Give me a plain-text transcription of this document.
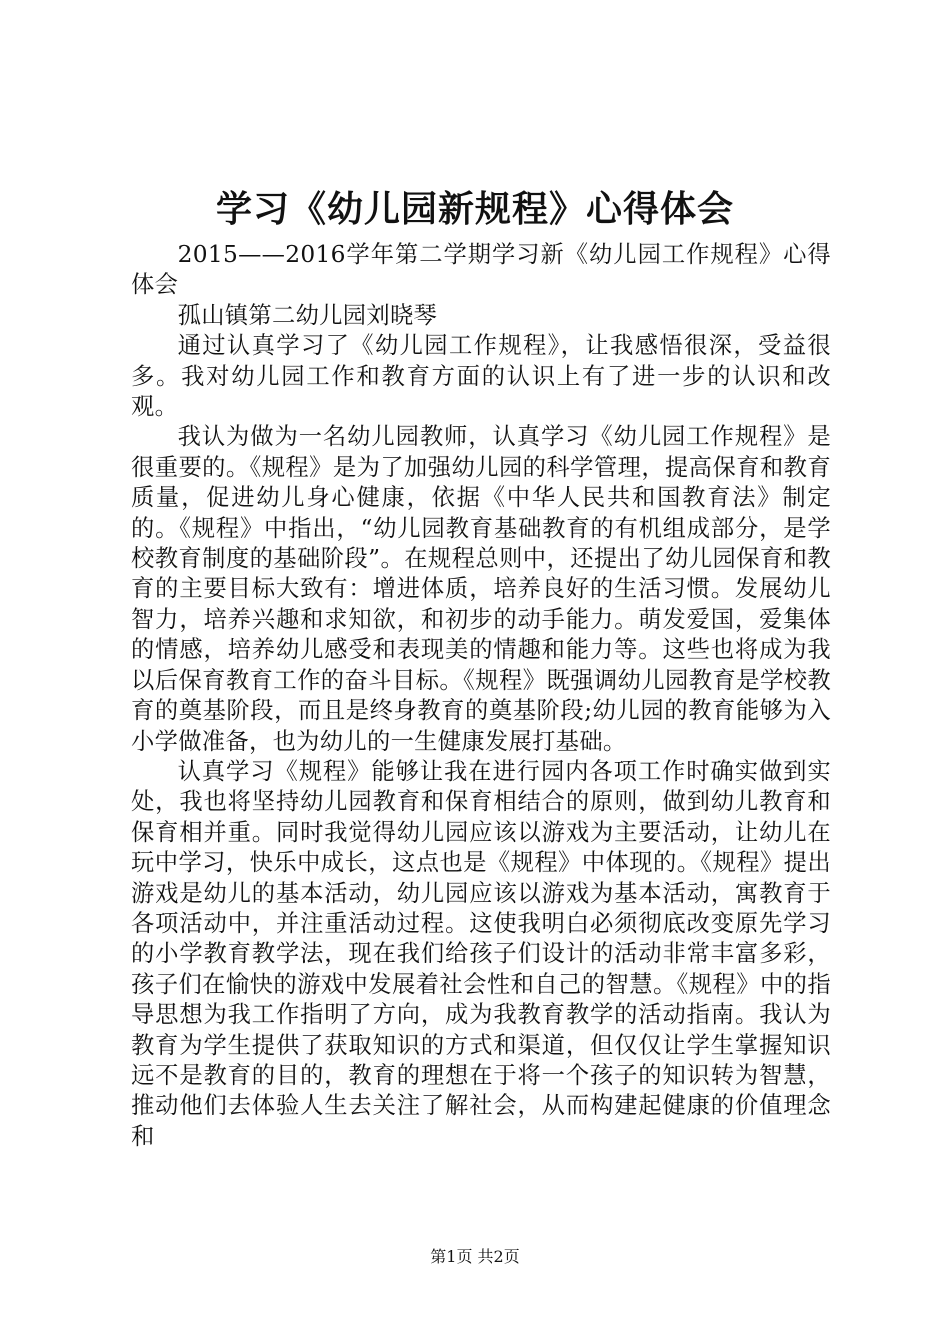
学习《幼儿园新规程》心得体会

2015——2016学年第二学期学习新《幼儿园工作规程》心得体会

孤山镇第二幼儿园刘晓琴

通过认真学习了《幼儿园工作规程》，让我感悟很深，受益很多。我对幼儿园工作和教育方面的认识上有了进一步的认识和改观。

我认为做为一名幼儿园教师，认真学习《幼儿园工作规程》是很重要的。《规程》是为了加强幼儿园的科学管理，提高保育和教育质量，促进幼儿身心健康，依据《中华人民共和国教育法》制定的。《规程》中指出，“幼儿园教育基础教育的有机组成部分，是学校教育制度的基础阶段”。在规程总则中，还提出了幼儿园保育和教育的主要目标大致有：增进体质，培养良好的生活习惯。发展幼儿智力，培养兴趣和求知欲，和初步的动手能力。萌发爱国，爱集体的情感，培养幼儿感受和表现美的情趣和能力等。这些也将成为我以后保育教育工作的奋斗目标。《规程》既强调幼儿园教育是学校教育的奠基阶段，而且是终身教育的奠基阶段;幼儿园的教育能够为入小学做准备，也为幼儿的一生健康发展打基础。

认真学习《规程》能够让我在进行园内各项工作时确实做到实处，我也将坚持幼儿园教育和保育相结合的原则，做到幼儿教育和保育相并重。同时我觉得幼儿园应该以游戏为主要活动，让幼儿在玩中学习，快乐中成长，这点也是《规程》中体现的。《规程》提出游戏是幼儿的基本活动，幼儿园应该以游戏为基本活动，寓教育于各项活动中，并注重活动过程。这使我明白必须彻底改变原先学习的小学教育教学法，现在我们给孩子们设计的活动非常丰富多彩，孩子们在愉快的游戏中发展着社会性和自己的智慧。《规程》中的指导思想为我工作指明了方向，成为我教育教学的活动指南。我认为教育为学生提供了获取知识的方式和渠道，但仅仅让学生掌握知识远不是教育的目的，教育的理想在于将一个孩子的知识转为智慧，推动他们去体验人生去关注了解社会，从而构建起健康的价值理念和

第1页 共2页
